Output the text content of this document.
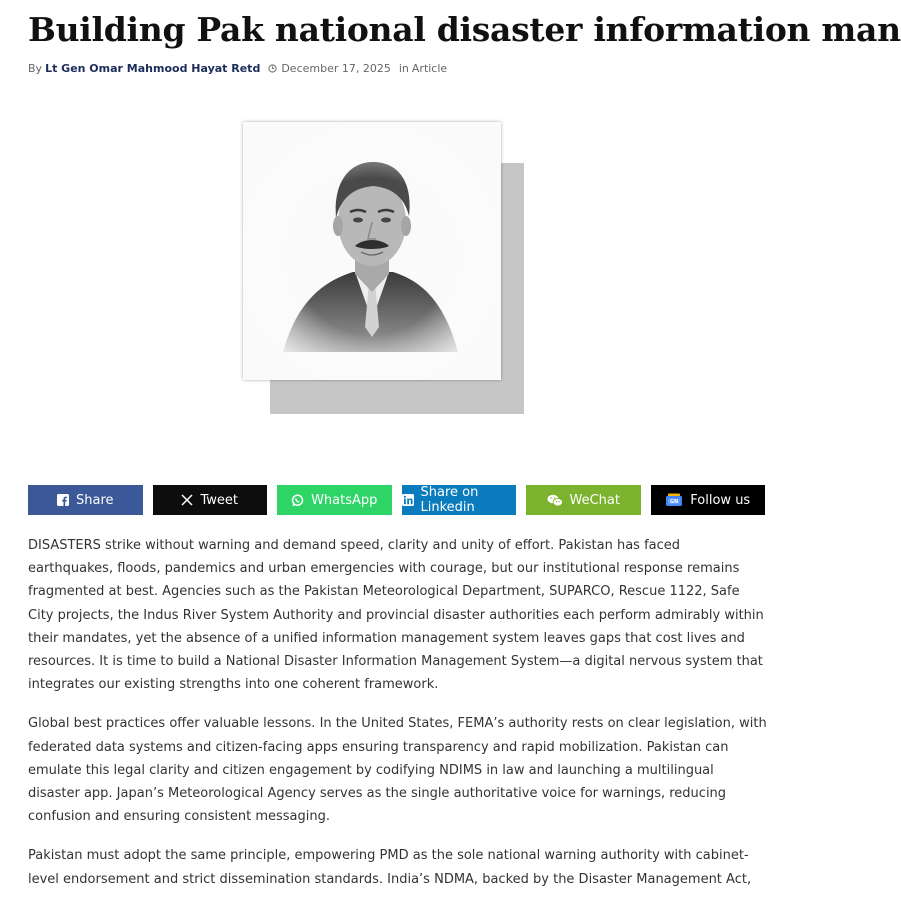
Building Pak national disaster information man
By Lt Gen Omar Mahmood Hayat Retd December 17, 2025 in Article
Share	Tweet	WhatsApp	Share on Linkedin	WeChat	GN Follow us

DISASTERS strike without warning and demand speed, clarity and unity of effort. Pakistan has faced earthquakes, floods, pandemics and urban emergencies with courage, but our institutional response remains fragmented at best. Agencies such as the Pakistan Meteorological Department, SUPARCO, Rescue 1122, Safe City projects, the Indus River System Authority and provincial disaster authorities each perform admirably within their mandates, yet the absence of a unified information management system leaves gaps that cost lives and resources. It is time to build a National Disaster Information Management System—a digital nervous system that integrates our existing strengths into one coherent framework.

Global best practices offer valuable lessons. In the United States, FEMA’s authority rests on clear legislation, with federated data systems and citizen-facing apps ensuring transparency and rapid mobilization. Pakistan can emulate this legal clarity and citizen engagement by codifying NDIMS in law and launching a multilingual disaster app. Japan’s Meteorological Agency serves as the single authoritative voice for warnings, reducing confusion and ensuring consistent messaging.

Pakistan must adopt the same principle, empowering PMD as the sole national warning authority with cabinet-level endorsement and strict dissemination standards. India’s NDMA, backed by the Disaster Management Act,
